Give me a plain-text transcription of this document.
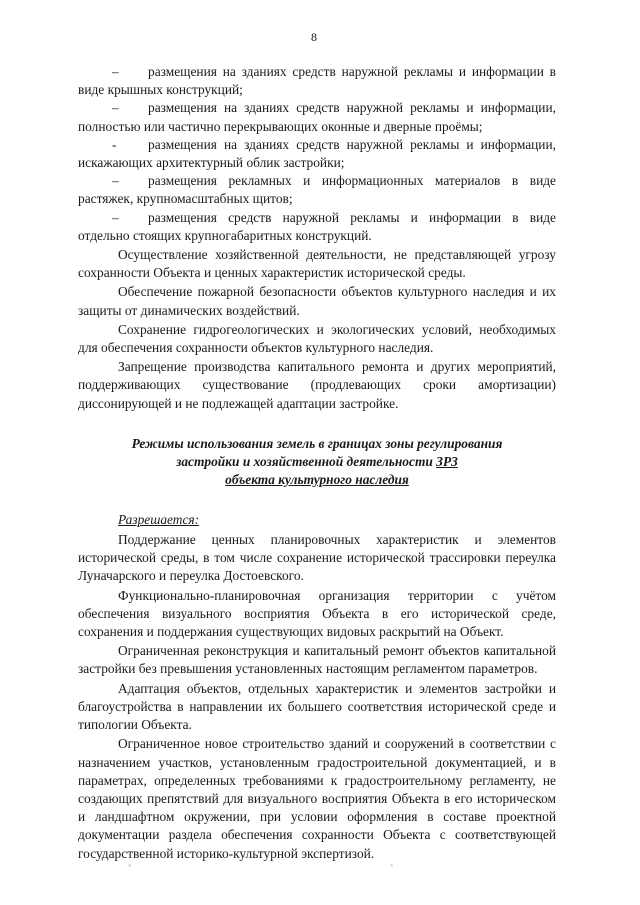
8
– размещения на зданиях средств наружной рекламы и информации в виде крышных конструкций;
– размещения на зданиях средств наружной рекламы и информации, полностью или частично перекрывающих оконные и дверные проёмы;
- размещения на зданиях средств наружной рекламы и информации, искажающих архитектурный облик застройки;
– размещения рекламных и информационных материалов в виде растяжек, крупномасштабных щитов;
– размещения средств наружной рекламы и информации в виде отдельно стоящих крупногабаритных конструкций.

Осуществление хозяйственной деятельности, не представляющей угрозу сохранности Объекта и ценных характеристик исторической среды.

Обеспечение пожарной безопасности объектов культурного наследия и их защиты от динамических воздействий.

Сохранение гидрогеологических и экологических условий, необходимых для обеспечения сохранности объектов культурного наследия.

Запрещение производства капитального ремонта и других мероприятий, поддерживающих существование (продлевающих сроки амортизации) диссонирующей и не подлежащей адаптации застройке.

Режимы использования земель в границах зоны регулирования
застройки и хозяйственной деятельности ЗР3
объекта культурного наследия

Разрешается:

Поддержание ценных планировочных характеристик и элементов исторической среды, в том числе сохранение исторической трассировки переулка Луначарского и переулка Достоевского.

Функционально-планировочная организация территории с учётом обеспечения визуального восприятия Объекта в его исторической среде, сохранения и поддержания существующих видовых раскрытий на Объект.

Ограниченная реконструкция и капитальный ремонт объектов капитальной застройки без превышения установленных настоящим регламентом параметров.

Адаптация объектов, отдельных характеристик и элементов застройки и благоустройства в направлении их большего соответствия исторической среде и типологии Объекта.

Ограниченное новое строительство зданий и сооружений в соответствии с назначением участков, установленным градостроительной документацией, и в параметрах, определенных требованиями к градостроительному регламенту, не создающих препятствий для визуального восприятия Объекта в его историческом и ландшафтном окружении, при условии оформления в составе проектной документации раздела обеспечения сохранности Объекта с соответствующей государственной историко-культурной экспертизой.

˚	˚
